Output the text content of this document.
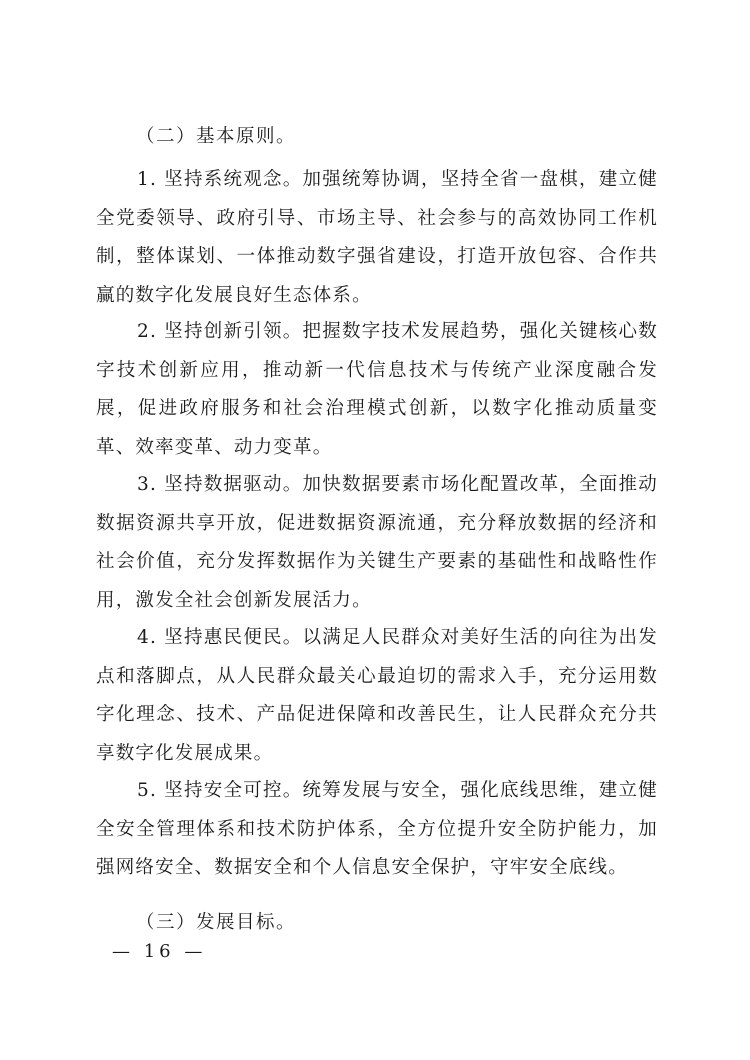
（二）基本原则。

1. 坚持系统观念。加强统筹协调，坚持全省一盘棋，建立健全党委领导、政府引导、市场主导、社会参与的高效协同工作机制，整体谋划、一体推动数字强省建设，打造开放包容、合作共赢的数字化发展良好生态体系。

2. 坚持创新引领。把握数字技术发展趋势，强化关键核心数字技术创新应用，推动新一代信息技术与传统产业深度融合发展，促进政府服务和社会治理模式创新，以数字化推动质量变革、效率变革、动力变革。

3. 坚持数据驱动。加快数据要素市场化配置改革，全面推动数据资源共享开放，促进数据资源流通，充分释放数据的经济和社会价值，充分发挥数据作为关键生产要素的基础性和战略性作用，激发全社会创新发展活力。

4. 坚持惠民便民。以满足人民群众对美好生活的向往为出发点和落脚点，从人民群众最关心最迫切的需求入手，充分运用数字化理念、技术、产品促进保障和改善民生，让人民群众充分共享数字化发展成果。

5. 坚持安全可控。统筹发展与安全，强化底线思维，建立健全安全管理体系和技术防护体系，全方位提升安全防护能力，加强网络安全、数据安全和个人信息安全保护，守牢安全底线。

（三）发展目标。
— 16 —
